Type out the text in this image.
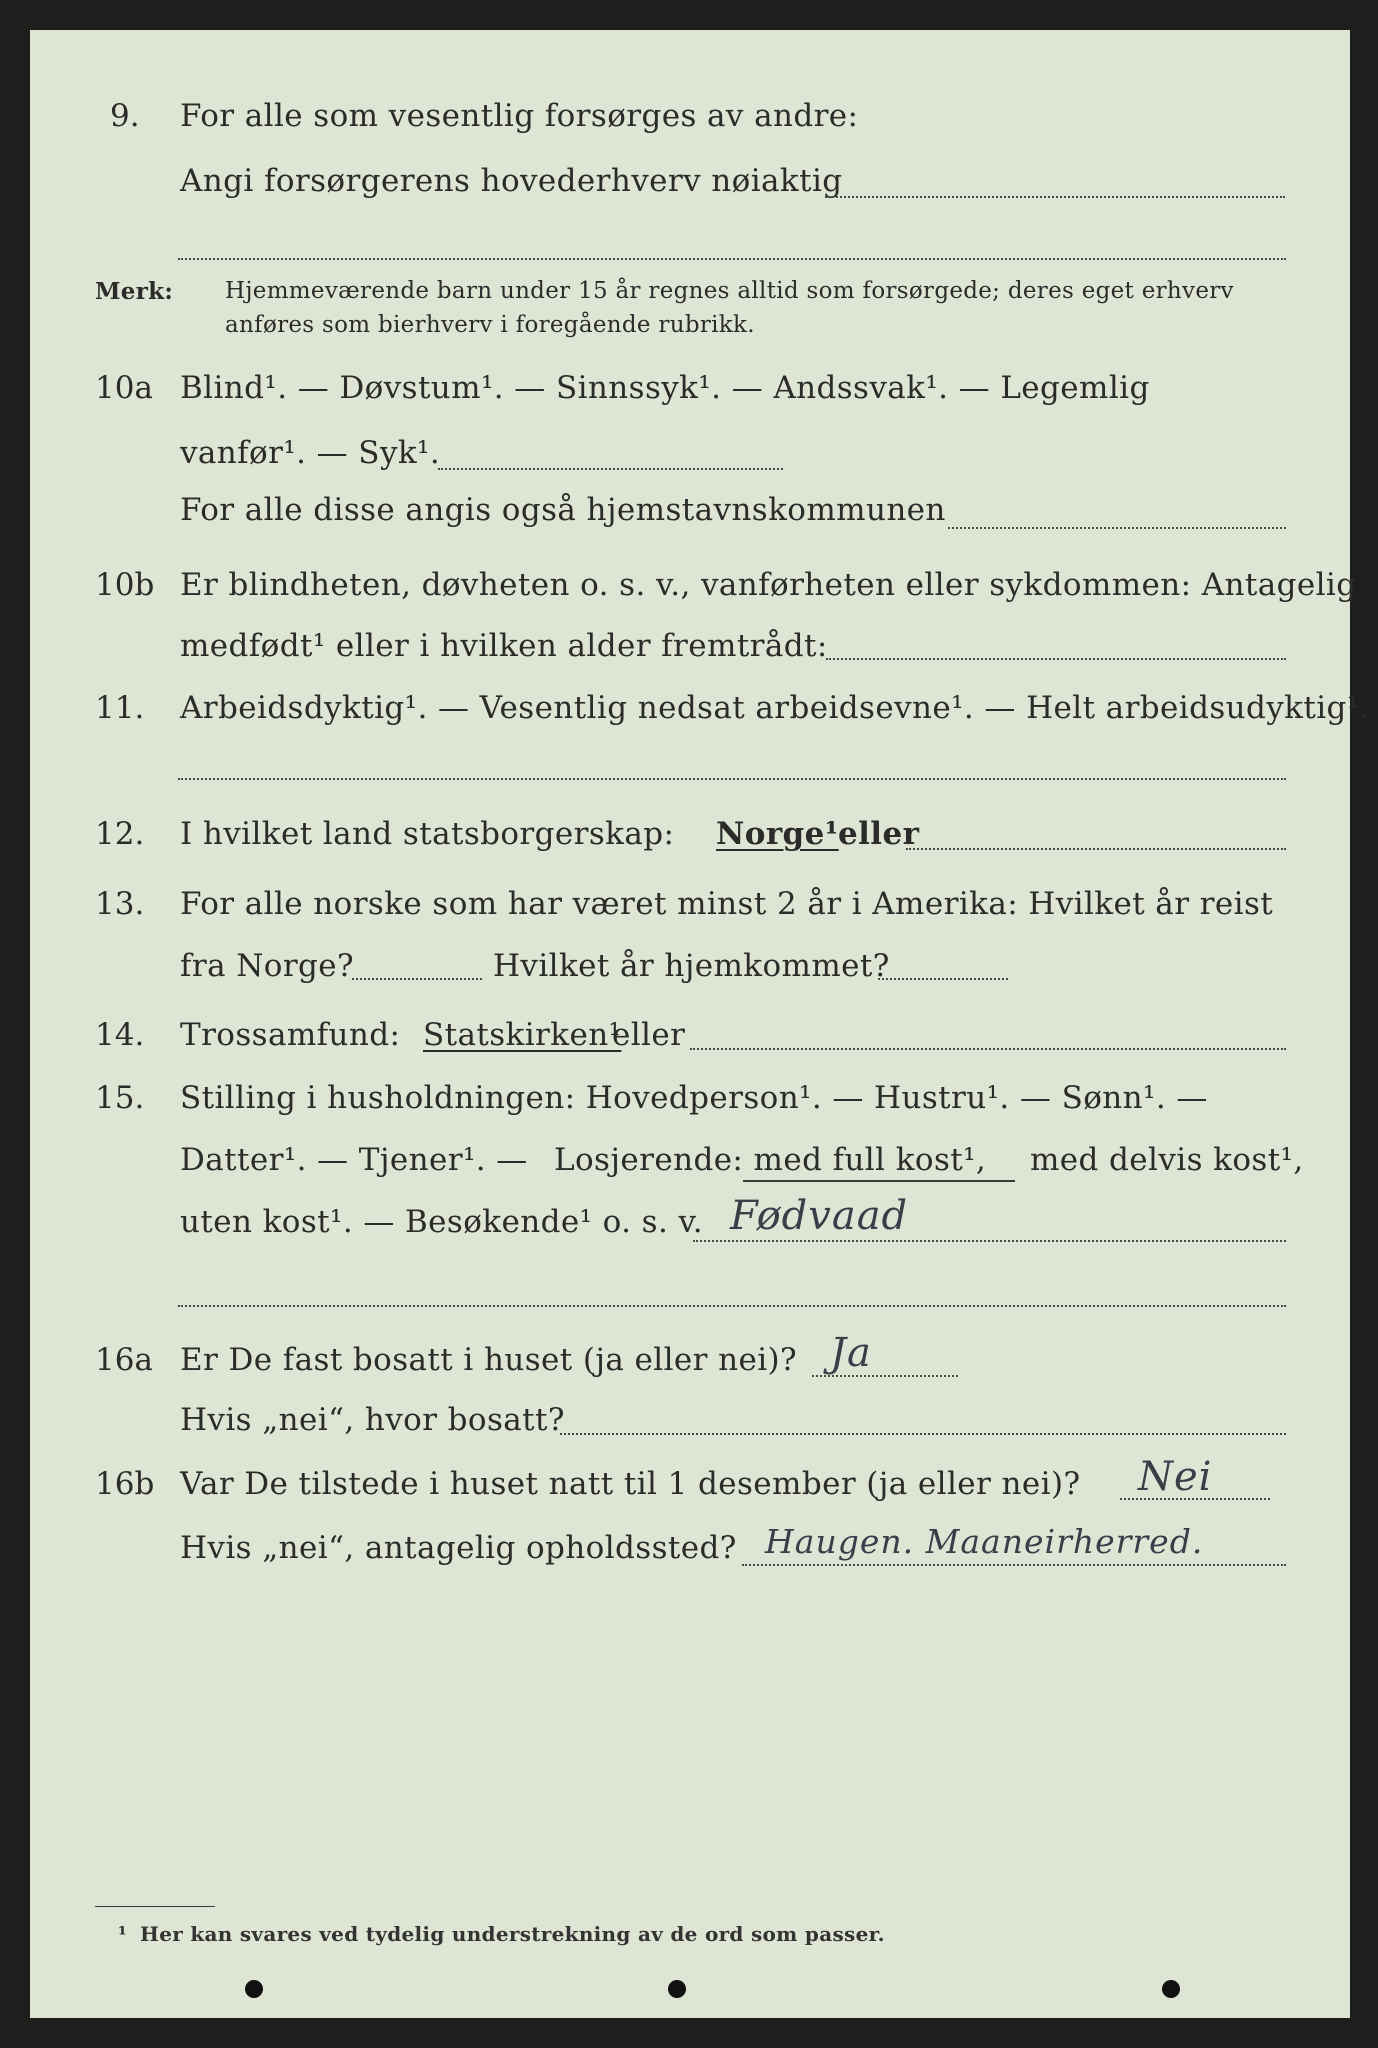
9. For alle som vesentlig forsørges av andre:
Angi forsørgerens hovederhverv nøiaktig
Merk: Hjemmeværende barn under 15 år regnes alltid som forsørgede; deres eget erhverv
anføres som bierhverv i foregående rubrikk.
10a Blind¹. — Døvstum¹. — Sinnssyk¹. — Andssvak¹. — Legemlig
vanfør¹. — Syk¹.
For alle disse angis også hjemstavnskommunen
10b Er blindheten, døvheten o. s. v., vanførheten eller sykdommen: Antagelig
medfødt¹ eller i hvilken alder fremtrådt:
11. Arbeidsdyktig¹. — Vesentlig nedsat arbeidsevne¹. — Helt arbeidsudyktig¹.
12. I hvilket land statsborgerskap: Norge¹ eller
13. For alle norske som har været minst 2 år i Amerika: Hvilket år reist
fra Norge?	Hvilket år hjemkommet?
14. Trossamfund: Statskirken¹
eller
15. Stilling i husholdningen: Hovedperson¹. — Hustru¹. — Sønn¹. —
Datter¹. — Tjener¹. — Losjerende: med full kost¹, med delvis kost¹,
uten kost¹. — Besøkende¹ o. s. v. Fødvaad
16a Er De fast bosatt i huset (ja eller nei)? Ja
Hvis „nei“, hvor bosatt?
16b Var De tilstede i huset natt til 1 desember (ja eller nei)? Nei
Hvis „nei“, antagelig opholdssted? Haugen. Maaneirherred.
¹ Her kan svares ved tydelig understrekning av de ord som passer.
